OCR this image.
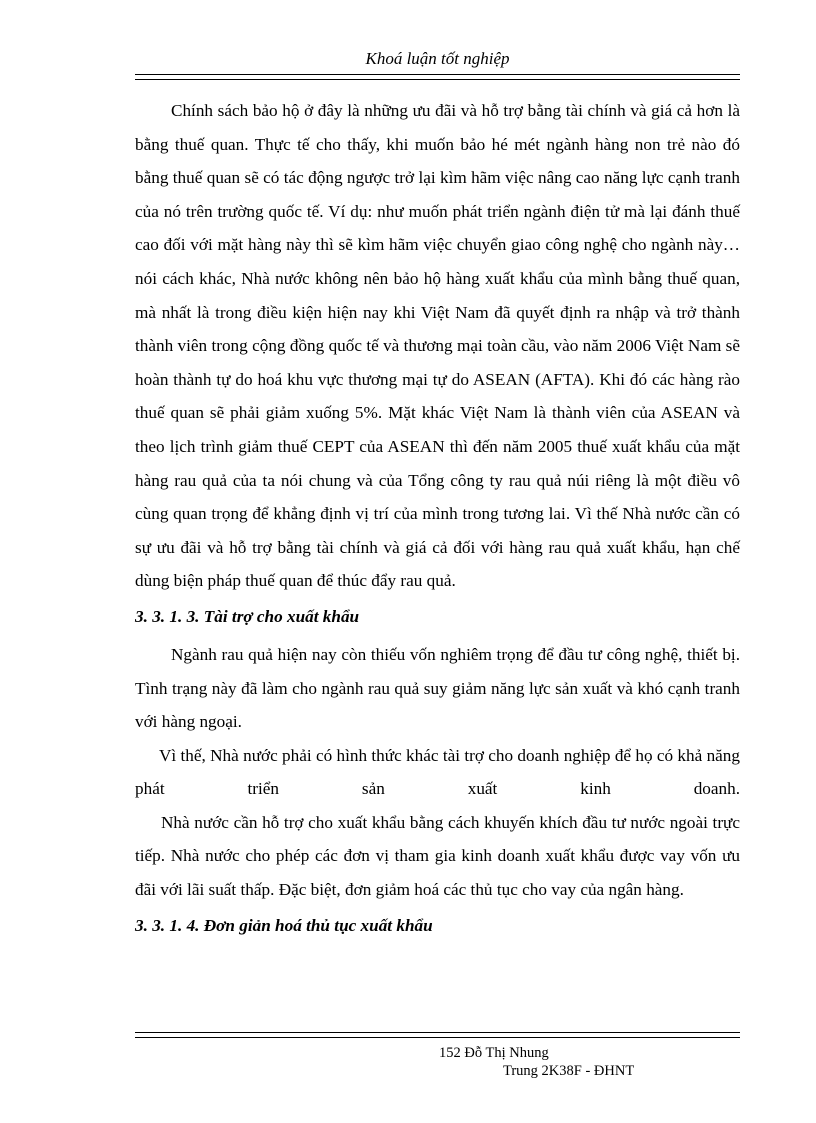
Khoá luận tốt nghiệp

Chính sách bảo hộ ở đây là những ưu đãi và hỗ trợ bằng tài chính và giá cả hơn là bằng thuế quan. Thực tế cho thấy, khi muốn bảo hé mét ngành hàng non trẻ nào đó bằng thuế quan sẽ có tác động ngược trở lại kìm hãm việc nâng cao năng lực cạnh tranh của nó trên trường quốc tế. Ví dụ: như muốn phát triển ngành điện tử mà lại đánh thuế cao đối với mặt hàng này thì sẽ kìm hãm việc chuyển giao công nghệ cho ngành này… nói cách khác, Nhà nước không nên bảo hộ hàng xuất khẩu của mình bằng thuế quan, mà nhất là trong điều kiện hiện nay khi Việt Nam đã quyết định ra nhập và trở thành thành viên trong cộng đồng quốc tế và thương mại toàn cầu, vào năm 2006 Việt Nam sẽ hoàn thành tự do hoá khu vực thương mại tự do ASEAN (AFTA). Khi đó các hàng rào thuế quan sẽ phải giảm xuống 5%. Mặt khác Việt Nam là thành viên của ASEAN và theo lịch trình giảm thuế CEPT của ASEAN thì đến năm 2005 thuế xuất khẩu của mặt hàng rau quả của ta nói chung và của Tổng công ty rau quả núi riêng là một điều vô cùng quan trọng để khẳng định vị trí của mình trong tương lai. Vì thế Nhà nước cần có sự ưu đãi và hỗ trợ bằng tài chính và giá cả đối với hàng rau quả xuất khẩu, hạn chế dùng biện pháp thuế quan để thúc đẩy rau quả.

3. 3. 1. 3. Tài trợ cho xuất khẩu

Ngành rau quả hiện nay còn thiếu vốn nghiêm trọng để đầu tư công nghệ, thiết bị. Tình trạng này đã làm cho ngành rau quả suy giảm năng lực sản xuất và khó cạnh tranh với hàng ngoại.

Vì thế, Nhà nước phải có hình thức khác tài trợ cho doanh nghiệp để họ có khả năng phát triển sản xuất kinh doanh.

Nhà nước cần hỗ trợ cho xuất khẩu bằng cách khuyến khích đầu tư nước ngoài trực tiếp. Nhà nước cho phép các đơn vị tham gia kinh doanh xuất khẩu được vay vốn ưu đãi với lãi suất thấp. Đặc biệt, đơn giảm hoá các thủ tục cho vay của ngân hàng.

3. 3. 1. 4. Đơn giản hoá thủ tục xuất khẩu

152 Đỗ Thị Nhung
Trung 2K38F - ĐHNT
